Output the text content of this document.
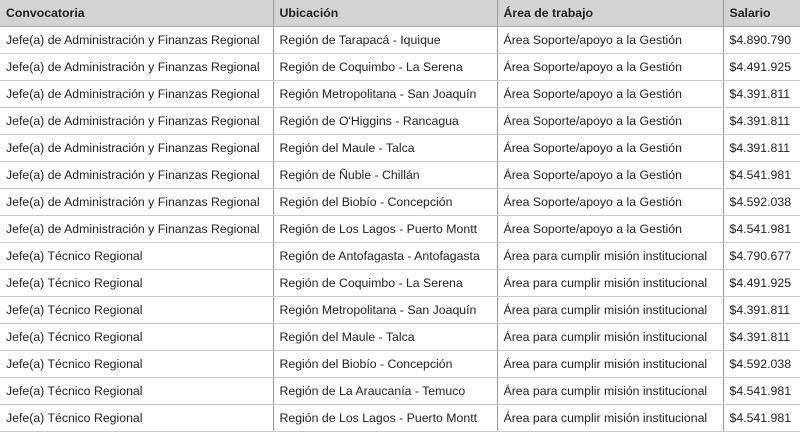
Convocatoria	Ubicación	Área de trabajo	Salario
Jefe(a) de Administración y Finanzas Regional	Región de Tarapacá - Iquique	Área Soporte/apoyo a la Gestión	$4.890.790
Jefe(a) de Administración y Finanzas Regional	Región de Coquimbo - La Serena	Área Soporte/apoyo a la Gestión	$4.491.925
Jefe(a) de Administración y Finanzas Regional	Región Metropolitana - San Joaquín	Área Soporte/apoyo a la Gestión	$4.391.811
Jefe(a) de Administración y Finanzas Regional	Región de O'Higgins - Rancagua	Área Soporte/apoyo a la Gestión	$4.391.811
Jefe(a) de Administración y Finanzas Regional	Región del Maule - Talca	Área Soporte/apoyo a la Gestión	$4.391.811
Jefe(a) de Administración y Finanzas Regional	Región de Ñuble - Chillán	Área Soporte/apoyo a la Gestión	$4.541.981
Jefe(a) de Administración y Finanzas Regional	Región del Biobío - Concepción	Área Soporte/apoyo a la Gestión	$4.592.038
Jefe(a) de Administración y Finanzas Regional	Región de Los Lagos - Puerto Montt	Área Soporte/apoyo a la Gestión	$4.541.981
Jefe(a) Técnico Regional	Región de Antofagasta - Antofagasta	Área para cumplir misión institucional	$4.790.677
Jefe(a) Técnico Regional	Región de Coquimbo - La Serena	Área para cumplir misión institucional	$4.491.925
Jefe(a) Técnico Regional	Región Metropolitana - San Joaquín	Área para cumplir misión institucional	$4.391.811
Jefe(a) Técnico Regional	Región del Maule - Talca	Área para cumplir misión institucional	$4.391.811
Jefe(a) Técnico Regional	Región del Biobío - Concepción	Área para cumplir misión institucional	$4.592.038
Jefe(a) Técnico Regional	Región de La Araucanía - Temuco	Área para cumplir misión institucional	$4.541.981
Jefe(a) Técnico Regional	Región de Los Lagos - Puerto Montt	Área para cumplir misión institucional	$4.541.981
